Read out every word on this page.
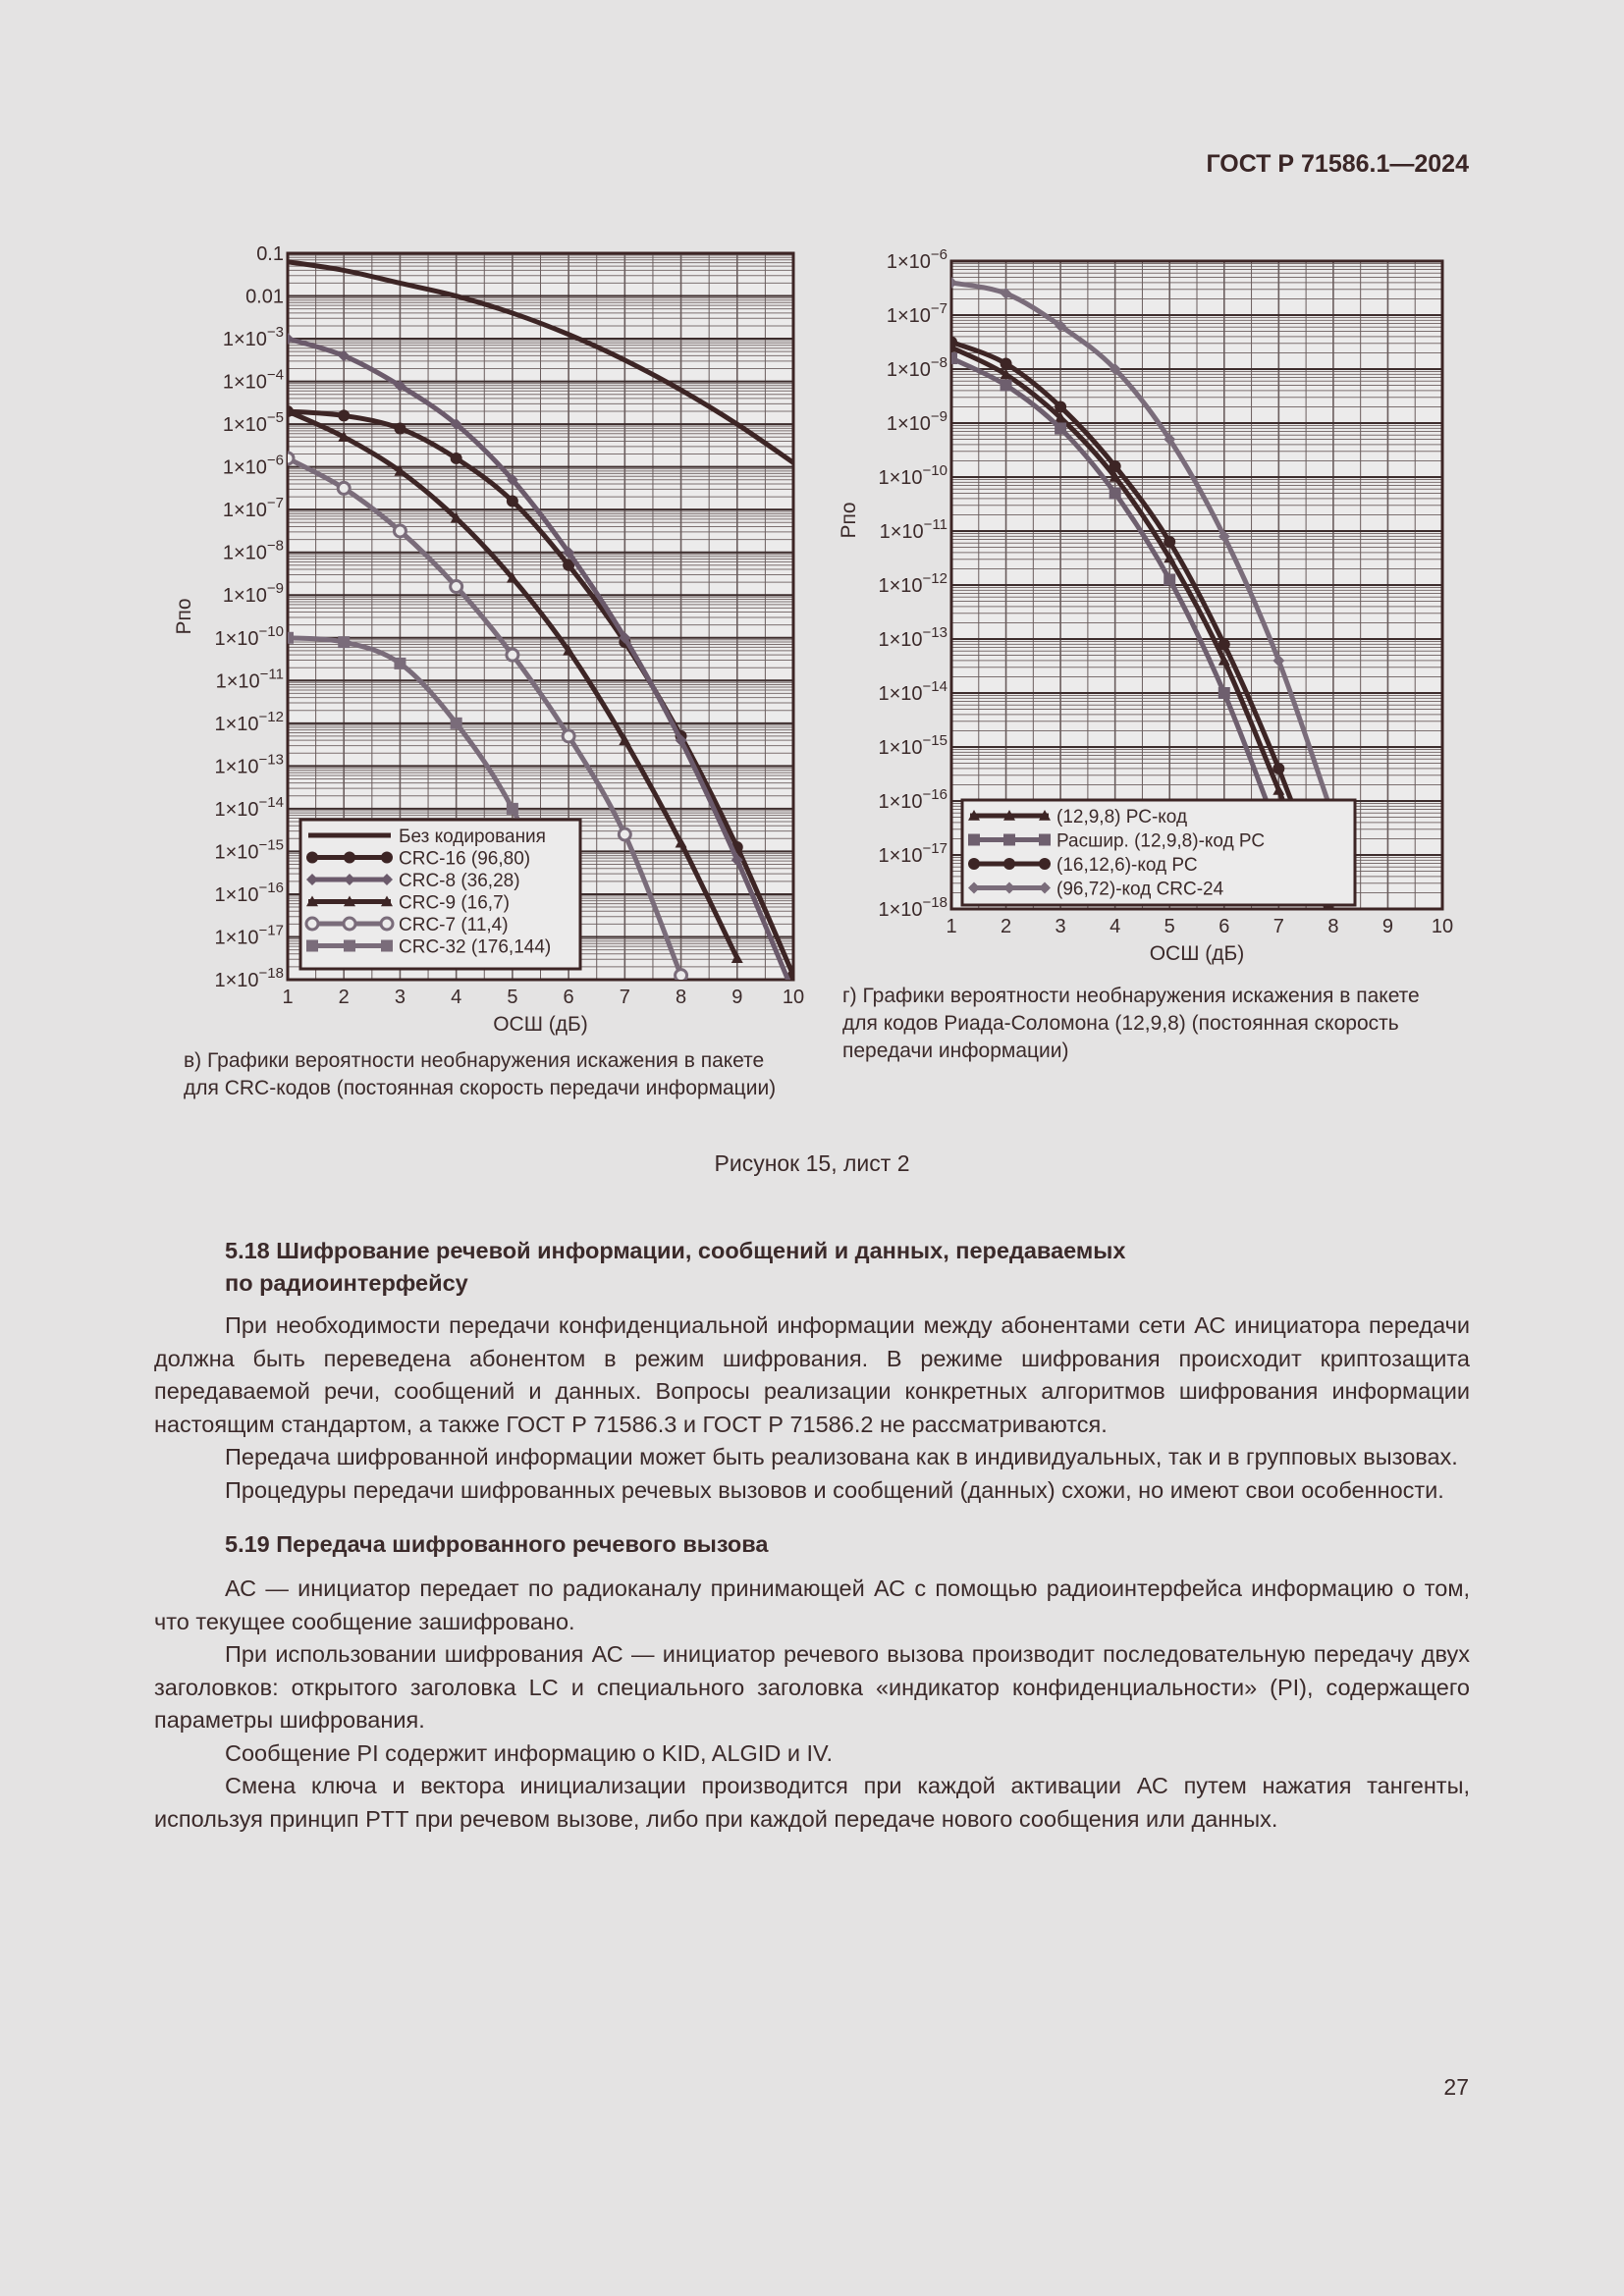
ГОСТ Р 71586.1—2024
0.1
0.01
$1\times 10^{-3}$
$1\times 10^{-4}$
$1\times 10^{-5}$
$1\times 10^{-6}$
$1\times 10^{-7}$
$1\times 10^{-8}$
$1\times 10^{-9}$
$1\times 10^{-10}$
$1\times 10^{-11}$
$1\times 10^{-12}$
$1\times 10^{-13}$
$1\times 10^{-14}$
$1\times 10^{-15}$
$1\times 10^{-16}$
$1\times 10^{-17}$
$1\times 10^{-18}$
1 2 3 4 5 6 7 8 9 10
ОСШ (дБ)
Pпо
Без кодирования
CRC-16 (96,80)
CRC-8 (36,28)
CRC-9 (16,7)
CRC-7 (11,4)
CRC-32 (176,144)
$1\times 10^{-6}$
$1\times 10^{-7}$
$1\times 10^{-8}$
$1\times 10^{-9}$
$1\times 10^{-10}$
$1\times 10^{-11}$
$1\times 10^{-12}$
$1\times 10^{-13}$
$1\times 10^{-14}$
$1\times 10^{-15}$
$1\times 10^{-16}$
$1\times 10^{-17}$
$1\times 10^{-18}$
1 2 3 4 5 6 7 8 9 10
ОСШ (дБ)
Pпо
(12,9,8) РС-код
Расшир. (12,9,8)-код РС
(16,12,6)-код РС
(96,72)-код CRC-24
в) Графики вероятности необнаружения искажения в пакете для CRC-кодов (постоянная скорость передачи информации)
г) Графики вероятности необнаружения искажения в пакете для кодов Риада-Соломона (12,9,8) (постоянная скорость передачи информации)
Рисунок 15, лист 2
5.18 Шифрование речевой информации, сообщений и данных, передаваемых
по радиоинтерфейсу

При необходимости передачи конфиденциальной информации между абонентами сети АС инициатора передачи должна быть переведена абонентом в режим шифрования. В режиме шифрования происходит криптозащита передаваемой речи, сообщений и данных. Вопросы реализации конкретных алгоритмов шифрования информации настоящим стандартом, а также ГОСТ Р 71586.3 и ГОСТ Р 71586.2 не рассматриваются.

Передача шифрованной информации может быть реализована как в индивидуальных, так и в групповых вызовах.

Процедуры передачи шифрованных речевых вызовов и сообщений (данных) схожи, но имеют свои особенности.

5.19 Передача шифрованного речевого вызова

АС — инициатор передает по радиоканалу принимающей АС с помощью радиоинтерфейса информацию о том, что текущее сообщение зашифровано.

При использовании шифрования АС — инициатор речевого вызова производит последовательную передачу двух заголовков: открытого заголовка LC и специального заголовка «индикатор конфиденциальности» (PI), содержащего параметры шифрования.

Сообщение PI содержит информацию о KID, ALGID и IV.

Смена ключа и вектора инициализации производится при каждой активации АС путем нажатия тангенты, используя принцип PTT при речевом вызове, либо при каждой передаче нового сообщения или данных.

27
